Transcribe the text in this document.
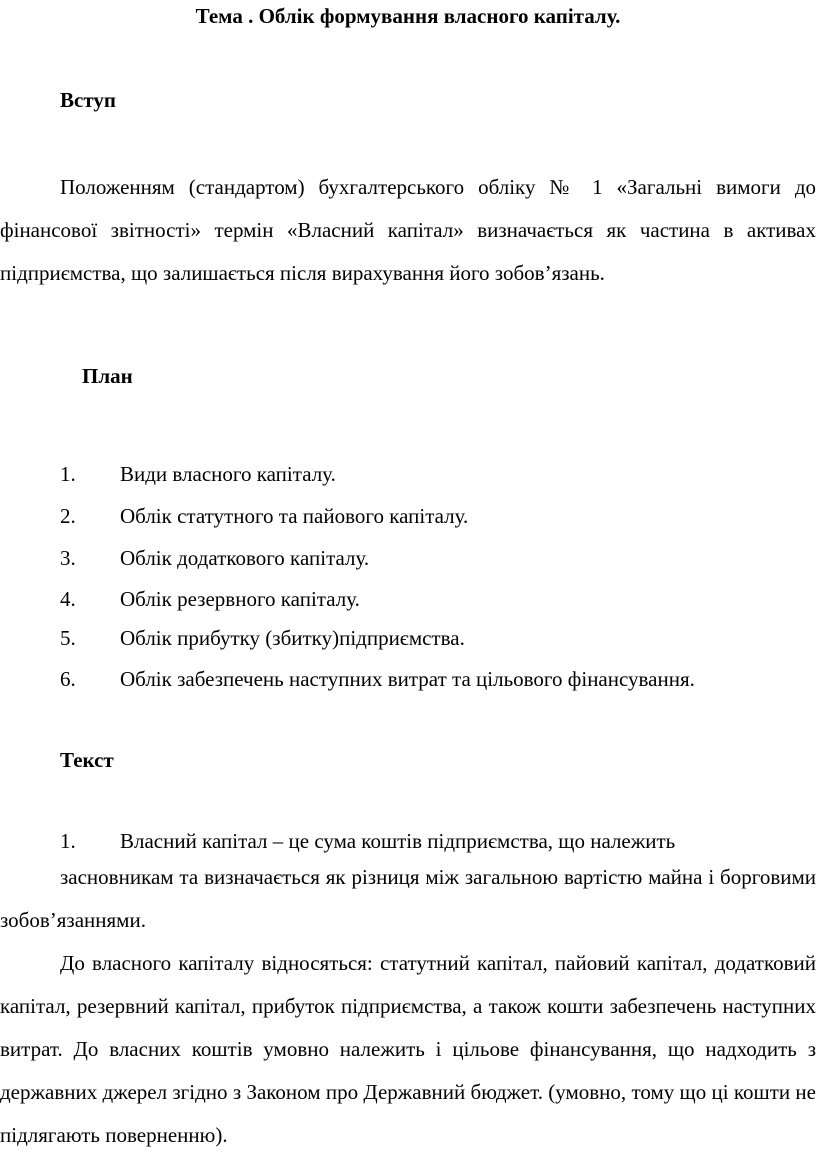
Тема . Облік формування власного капіталу.
Вступ

Положенням (стандартом) бухгалтерського обліку № 1 «Загальні вимоги до фінансової звітності» термін «Власний капітал» визначається як частина в активах підприємства, що залишається після вирахування його зобов’язань.

План
1. Види власного капіталу.
2. Облік статутного та пайового капіталу.
3. Облік додаткового капіталу.
4. Облік резервного капіталу.
5. Облік прибутку (збитку)підприємства.
6. Облік забезпечень наступних витрат та цільового фінансування.
Текст
1. Власний капітал – це сума коштів підприємства, що належить

засновникам та визначається як різниця між загальною вартістю майна і борговими зобов’язаннями.

До власного капіталу відносяться: статутний капітал, пайовий капітал, додатковий капітал, резервний капітал, прибуток підприємства, а також кошти забезпечень наступних витрат. До власних коштів умовно належить і цільове фінансування, що надходить з державних джерел згідно з Законом про Державний бюджет. (умовно, тому що ці кошти не підлягають поверненню).
